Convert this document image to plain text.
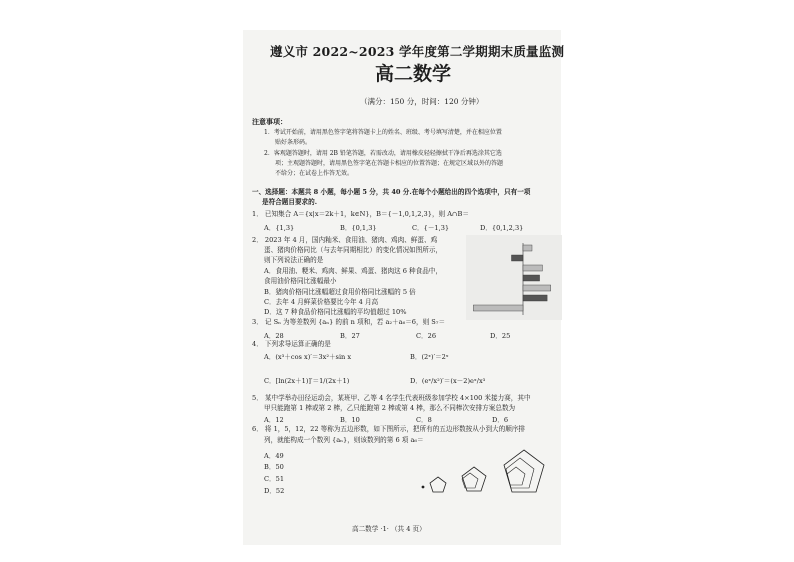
遵义市 2022~2023 学年度第二学期期末质量监测
高二数学
（满分：150 分，时间：120 分钟）
注意事项：
1．考试开始前，请用黑色签字笔将答题卡上的姓名、班级、考号填写清楚，并在相应位置
贴好条形码。
2．客观题答题时，请用 2B 铅笔答题，若需改动，请用橡皮轻轻擦拭干净后再选涂其它选
项；主观题答题时，请用黑色签字笔在答题卡相应的位置答题；在规定区域以外的答题
不给分；在试卷上作答无效。
一、选择题：本题共 8 小题，每小题 5 分，共 40 分.在每个小题给出的四个选项中，只有一项
是符合题目要求的.
1． 已知集合 A＝{x|x＝2k＋1，k∈N}，B＝{－1,0,1,2,3}，则 A∩B＝
A．{1,3}	B．{0,1,3}	C．{－1,3}	D．{0,1,2,3}
2． 2023 年 4 月，国内籼米、食用油、猪肉、鸡肉、鲜蛋、鸡
蛋、猪肉价格同比（与去年同期相比）的变化情况如图所示，
则下列说法正确的是
A．食用油、粳米、鸡肉、鲜果、鸡蛋、猪肉这 6 种食品中，
食用油价格同比涨幅最小
B．猪肉价格同比涨幅超过食用价格同比涨幅的 5 倍
C．去年 4 月鲜菜价格要比今年 4 月高
D．这 7 种食品价格同比涨幅的平均值超过 10%
3． 记 Sₙ 为等差数列 {aₙ} 的前 n 项和，若 a₂＋a₆＝6，则 S₇＝
A．28	B．27	C．26	D．25
4． 下列求导运算正确的是
A．(x³＋cos x)′＝3x²＋sin x	B．(2ˣ)′＝2ˣ
C．[ln(2x＋1)]′＝1/(2x＋1)	D．(eˣ/x²)′＝(x－2)eˣ/x³
5． 某中学举办田径运动会，某班甲、乙等 4 名学生代表班级参加学校 4×100 米接力赛，其中
甲只能跑第 1 棒或第 2 棒，乙只能跑第 2 棒或第 4 棒，那么不同棒次安排方案总数为
A．12	B．10	C．8	D．6
6． 将 1，5，12，22 等称为五边形数，如下图所示，把所有的五边形数按从小到大的顺序排
列，就能构成一个数列 {aₙ}，则该数列的第 6 项 a₆＝
A．49
B．50
C．51
D．52
高二数学 ·1· （共 4 页）
